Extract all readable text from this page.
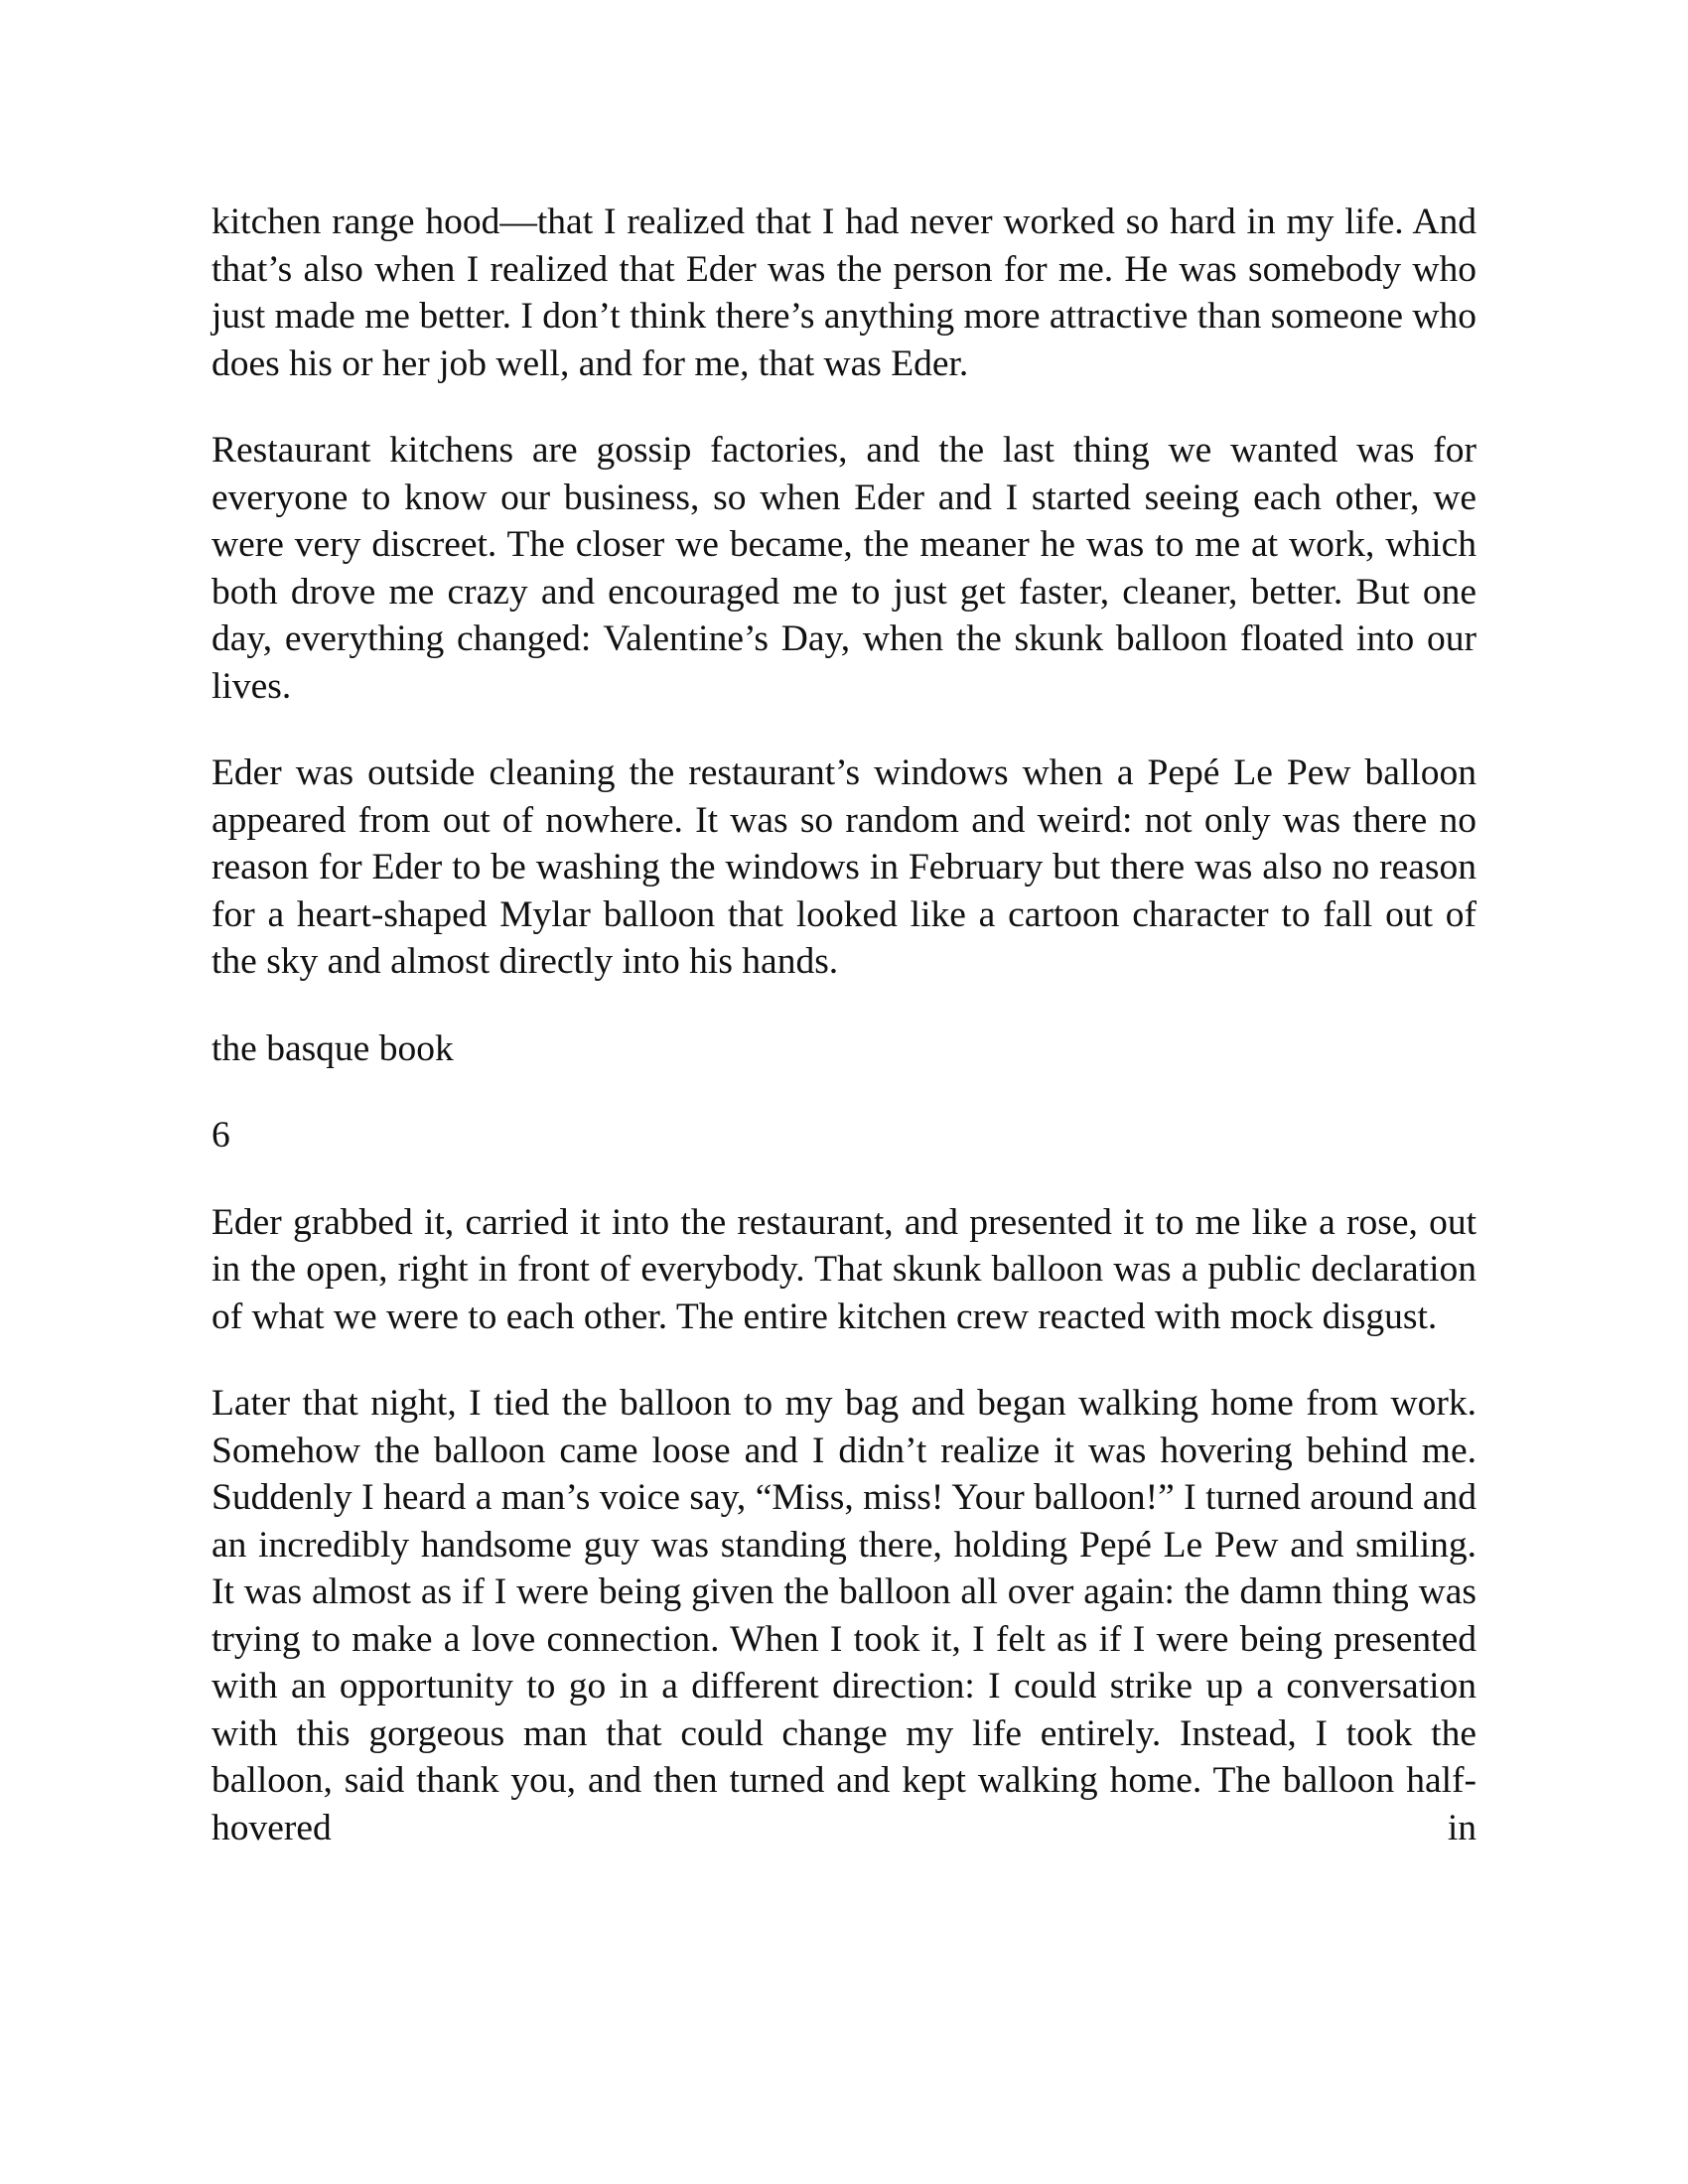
kitchen range hood—that I realized that I had never worked so hard in my life. And that’s also when I realized that Eder was the person for me. He was somebody who just made me better. I don’t think there’s anything more attractive than someone who does his or her job well, and for me, that was Eder.

Restaurant kitchens are gossip factories, and the last thing we wanted was for everyone to know our business, so when Eder and I started seeing each other, we were very discreet. The closer we became, the meaner he was to me at work, which both drove me crazy and encouraged me to just get faster, cleaner, better. But one day, everything changed: Valentine’s Day, when the skunk balloon floated into our lives.

Eder was outside cleaning the restaurant’s windows when a Pepé Le Pew balloon appeared from out of nowhere. It was so random and weird: not only was there no reason for Eder to be washing the windows in February but there was also no reason for a heart-shaped Mylar balloon that looked like a cartoon character to fall out of the sky and almost directly into his hands.

the basque book
6

Eder grabbed it, carried it into the restaurant, and presented it to me like a rose, out in the open, right in front of everybody. That skunk balloon was a public declaration of what we were to each other. The entire kitchen crew reacted with mock disgust.

Later that night, I tied the balloon to my bag and began walking home from work. Somehow the balloon came loose and I didn’t realize it was hovering behind me. Suddenly I heard a man’s voice say, “Miss, miss! Your balloon!” I turned around and an incredibly handsome guy was standing there, holding Pepé Le Pew and smiling. It was almost as if I were being given the balloon all over again: the damn thing was trying to make a love connection. When I took it, I felt as if I were being presented with an opportunity to go in a different direction: I could strike up a conversation with this gorgeous man that could change my life entirely. Instead, I took the balloon, said thank you, and then turned and kept walking home. The balloon half-hovered in
